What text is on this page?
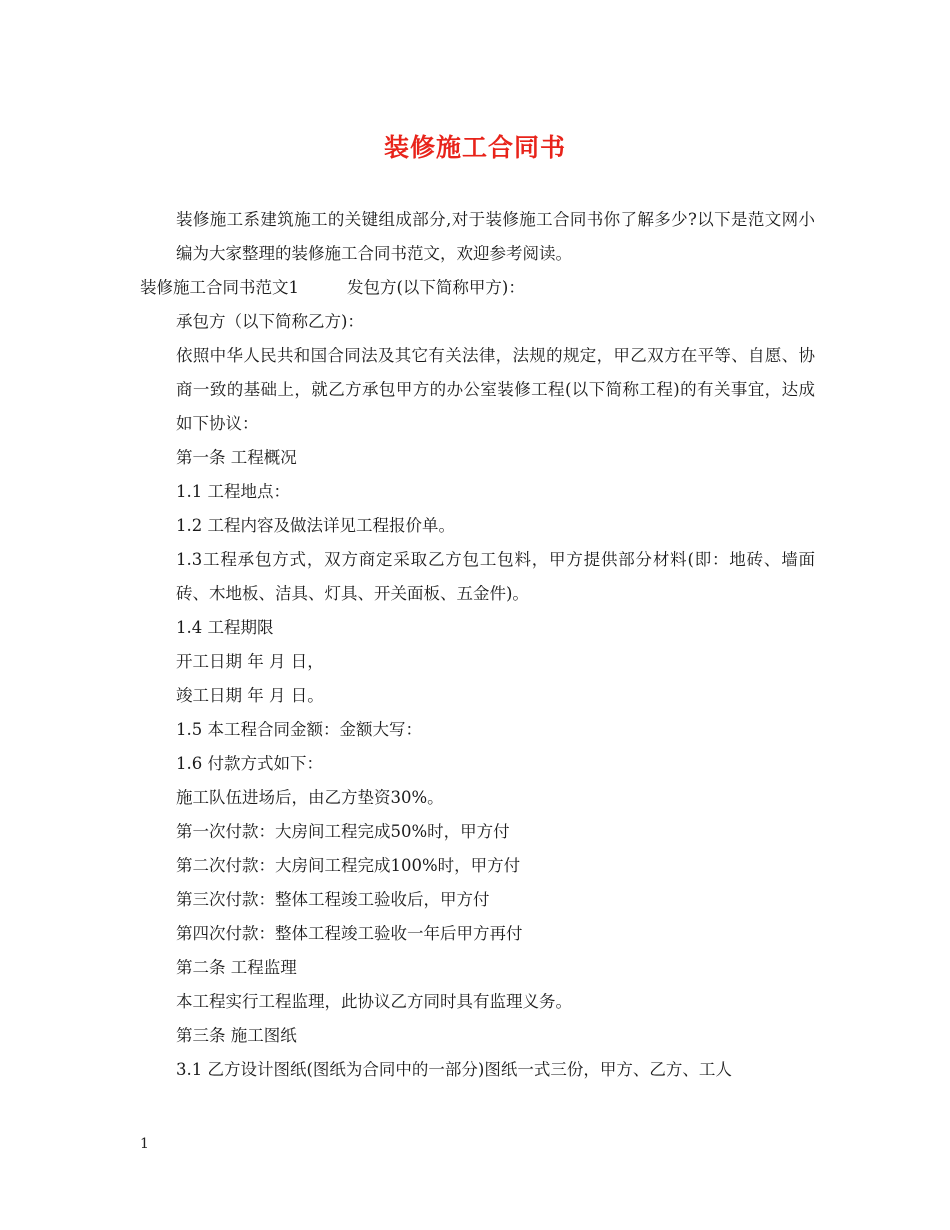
装修施工合同书

装修施工系建筑施工的关键组成部分,对于装修施工合同书你了解多少?以下是范文网小编为大家整理的装修施工合同书范文，欢迎参考阅读。

装修施工合同书范文1	发包方(以下简称甲方)：

承包方（以下简称乙方)：

依照中华人民共和国合同法及其它有关法律，法规的规定，甲乙双方在平等、自愿、协商一致的基础上，就乙方承包甲方的办公室装修工程(以下简称工程)的有关事宜，达成如下协议：

第一条 工程概况

1.1 工程地点：

1.2 工程内容及做法详见工程报价单。

1.3工程承包方式，双方商定采取乙方包工包料，甲方提供部分材料(即：地砖、墙面砖、木地板、洁具、灯具、开关面板、五金件)。

1.4 工程期限

开工日期 年 月 日，

竣工日期 年 月 日。

1.5 本工程合同金额：金额大写：

1.6 付款方式如下：

施工队伍进场后，由乙方垫资30%。

第一次付款：大房间工程完成50%时，甲方付

第二次付款：大房间工程完成100%时，甲方付

第三次付款：整体工程竣工验收后，甲方付

第四次付款：整体工程竣工验收一年后甲方再付

第二条 工程监理

本工程实行工程监理，此协议乙方同时具有监理义务。

第三条 施工图纸

3.1 乙方设计图纸(图纸为合同中的一部分)图纸一式三份，甲方、乙方、工人

1
